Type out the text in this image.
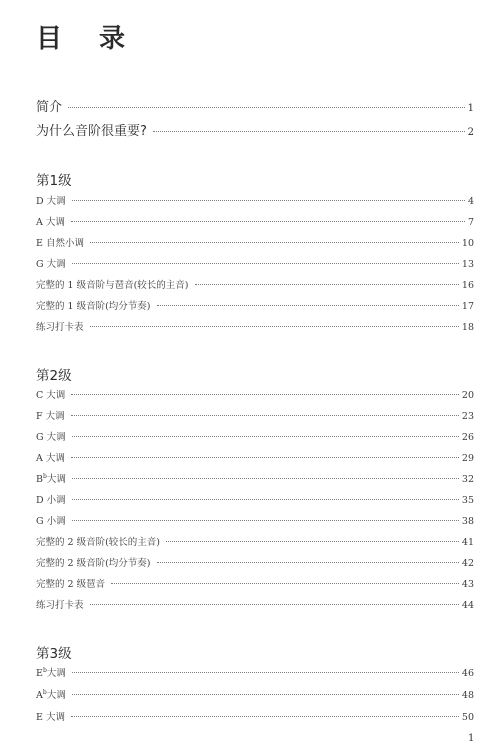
目 录
简介	1
为什么音阶很重要?	2
第1级
D 大调	4
A 大调	7
E 自然小调	10
G 大调	13
完整的 1 级音阶与琶音(较长的主音)	16
完整的 1 级音阶(均分节奏)	17
练习打卡表	18
第2级
C 大调	20
F 大调	23
G 大调	26
A 大调	29
$B^b$大调	32
D 小调	35
G 小调	38
完整的 2 级音阶(较长的主音)	41
完整的 2 级音阶(均分节奏)	42
完整的 2 级琶音	43
练习打卡表	44
第3级
$E^b$大调	46
$A^b$大调	48
E 大调	50
1
